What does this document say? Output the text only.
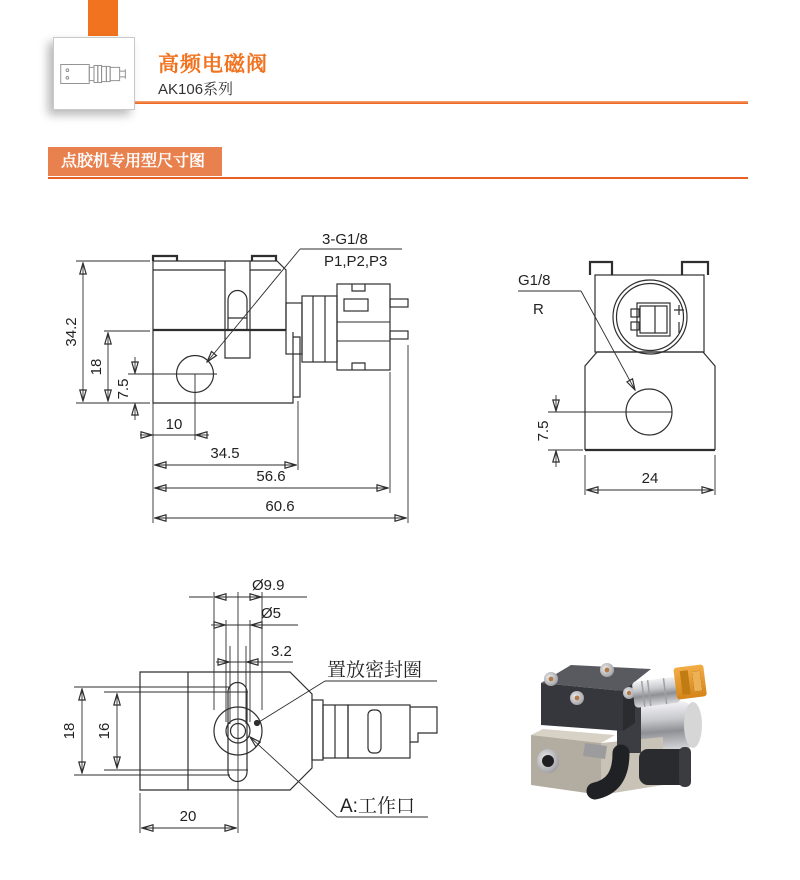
高频电磁阀
AK106系列
点胶机专用型尺寸图
3-G1/8
P1,P2,P3
34.2
18
7.5
10
34.5
56.6
60.6
G1/8
R
7.5
24
Ø9.9
Ø5
3.2
18 16
20
置放密封圈
A:工作口
